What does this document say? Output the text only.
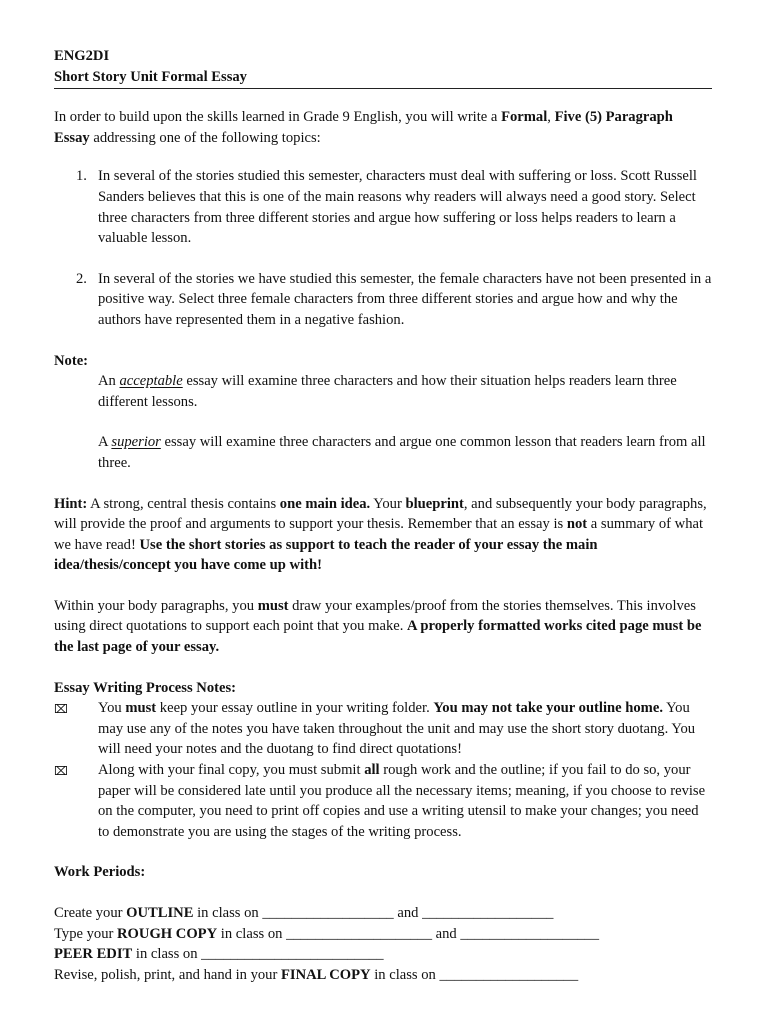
ENG2DI
Short Story Unit Formal Essay

In order to build upon the skills learned in Grade 9 English, you will write a Formal, Five (5) Paragraph Essay addressing one of the following topics:

1. In several of the stories studied this semester, characters must deal with suffering or loss. Scott Russell Sanders believes that this is one of the main reasons why readers will always need a good story. Select three characters from three different stories and argue how suffering or loss helps readers to learn a valuable lesson.
2. In several of the stories we have studied this semester, the female characters have not been presented in a positive way. Select three female characters from three different stories and argue how and why the authors have represented them in a negative fashion.

Note:

An acceptable essay will examine three characters and how their situation helps readers learn three different lessons.

A superior essay will examine three characters and argue one common lesson that readers learn from all three.

Hint: A strong, central thesis contains one main idea. Your blueprint, and subsequently your body paragraphs, will provide the proof and arguments to support your thesis. Remember that an essay is not a summary of what we have read! Use the short stories as support to teach the reader of your essay the main idea/thesis/concept you have come up with!

Within your body paragraphs, you must draw your examples/proof from the stories themselves. This involves using direct quotations to support each point that you make. A properly formatted works cited page must be the last page of your essay.

Essay Writing Process Notes:

⌧ You must keep your essay outline in your writing folder. You may not take your outline home. You may use any of the notes you have taken throughout the unit and may use the short story duotang. You will need your notes and the duotang to find direct quotations!
⌧ Along with your final copy, you must submit all rough work and the outline; if you fail to do so, your paper will be considered late until you produce all the necessary items; meaning, if you choose to revise on the computer, you need to print off copies and use a writing utensil to make your changes; you need to demonstrate you are using the stages of the writing process.

Work Periods:

Create your OUTLINE in class on __________________ and __________________
Type your ROUGH COPY in class on ____________________ and ___________________
PEER EDIT in class on _________________________
Revise, polish, print, and hand in your FINAL COPY in class on ___________________
